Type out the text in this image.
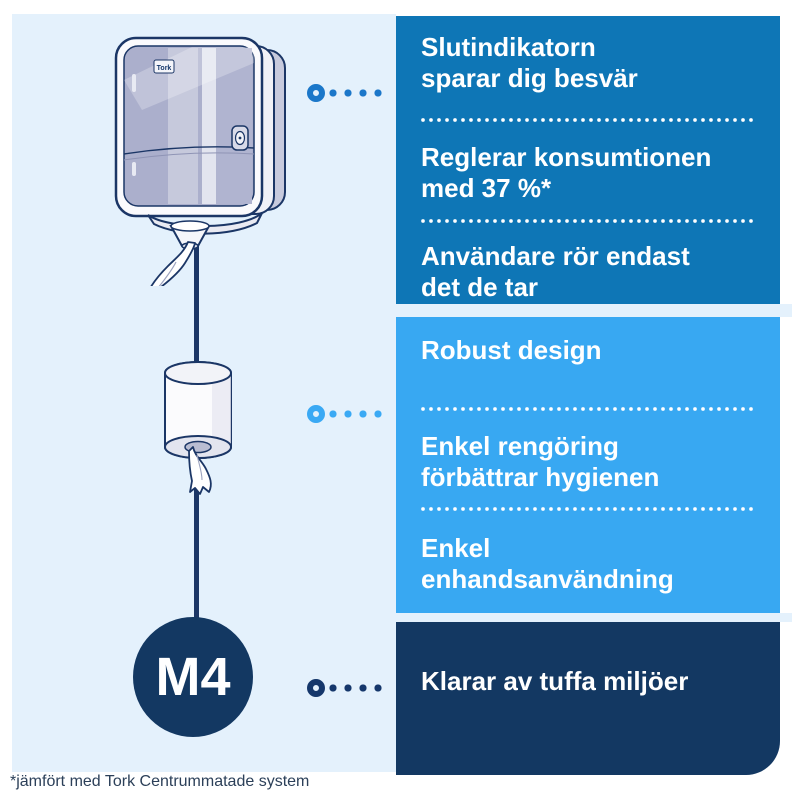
Tork
M4
Slutindikatorn
sparar dig besvär
Reglerar konsumtionen
med 37 %*
Användare rör endast
det de tar
Robust design
Enkel rengöring
förbättrar hygienen
Enkel
enhandsanvändning
Klarar av tuffa miljöer
*jämfört med Tork Centrummatade system
